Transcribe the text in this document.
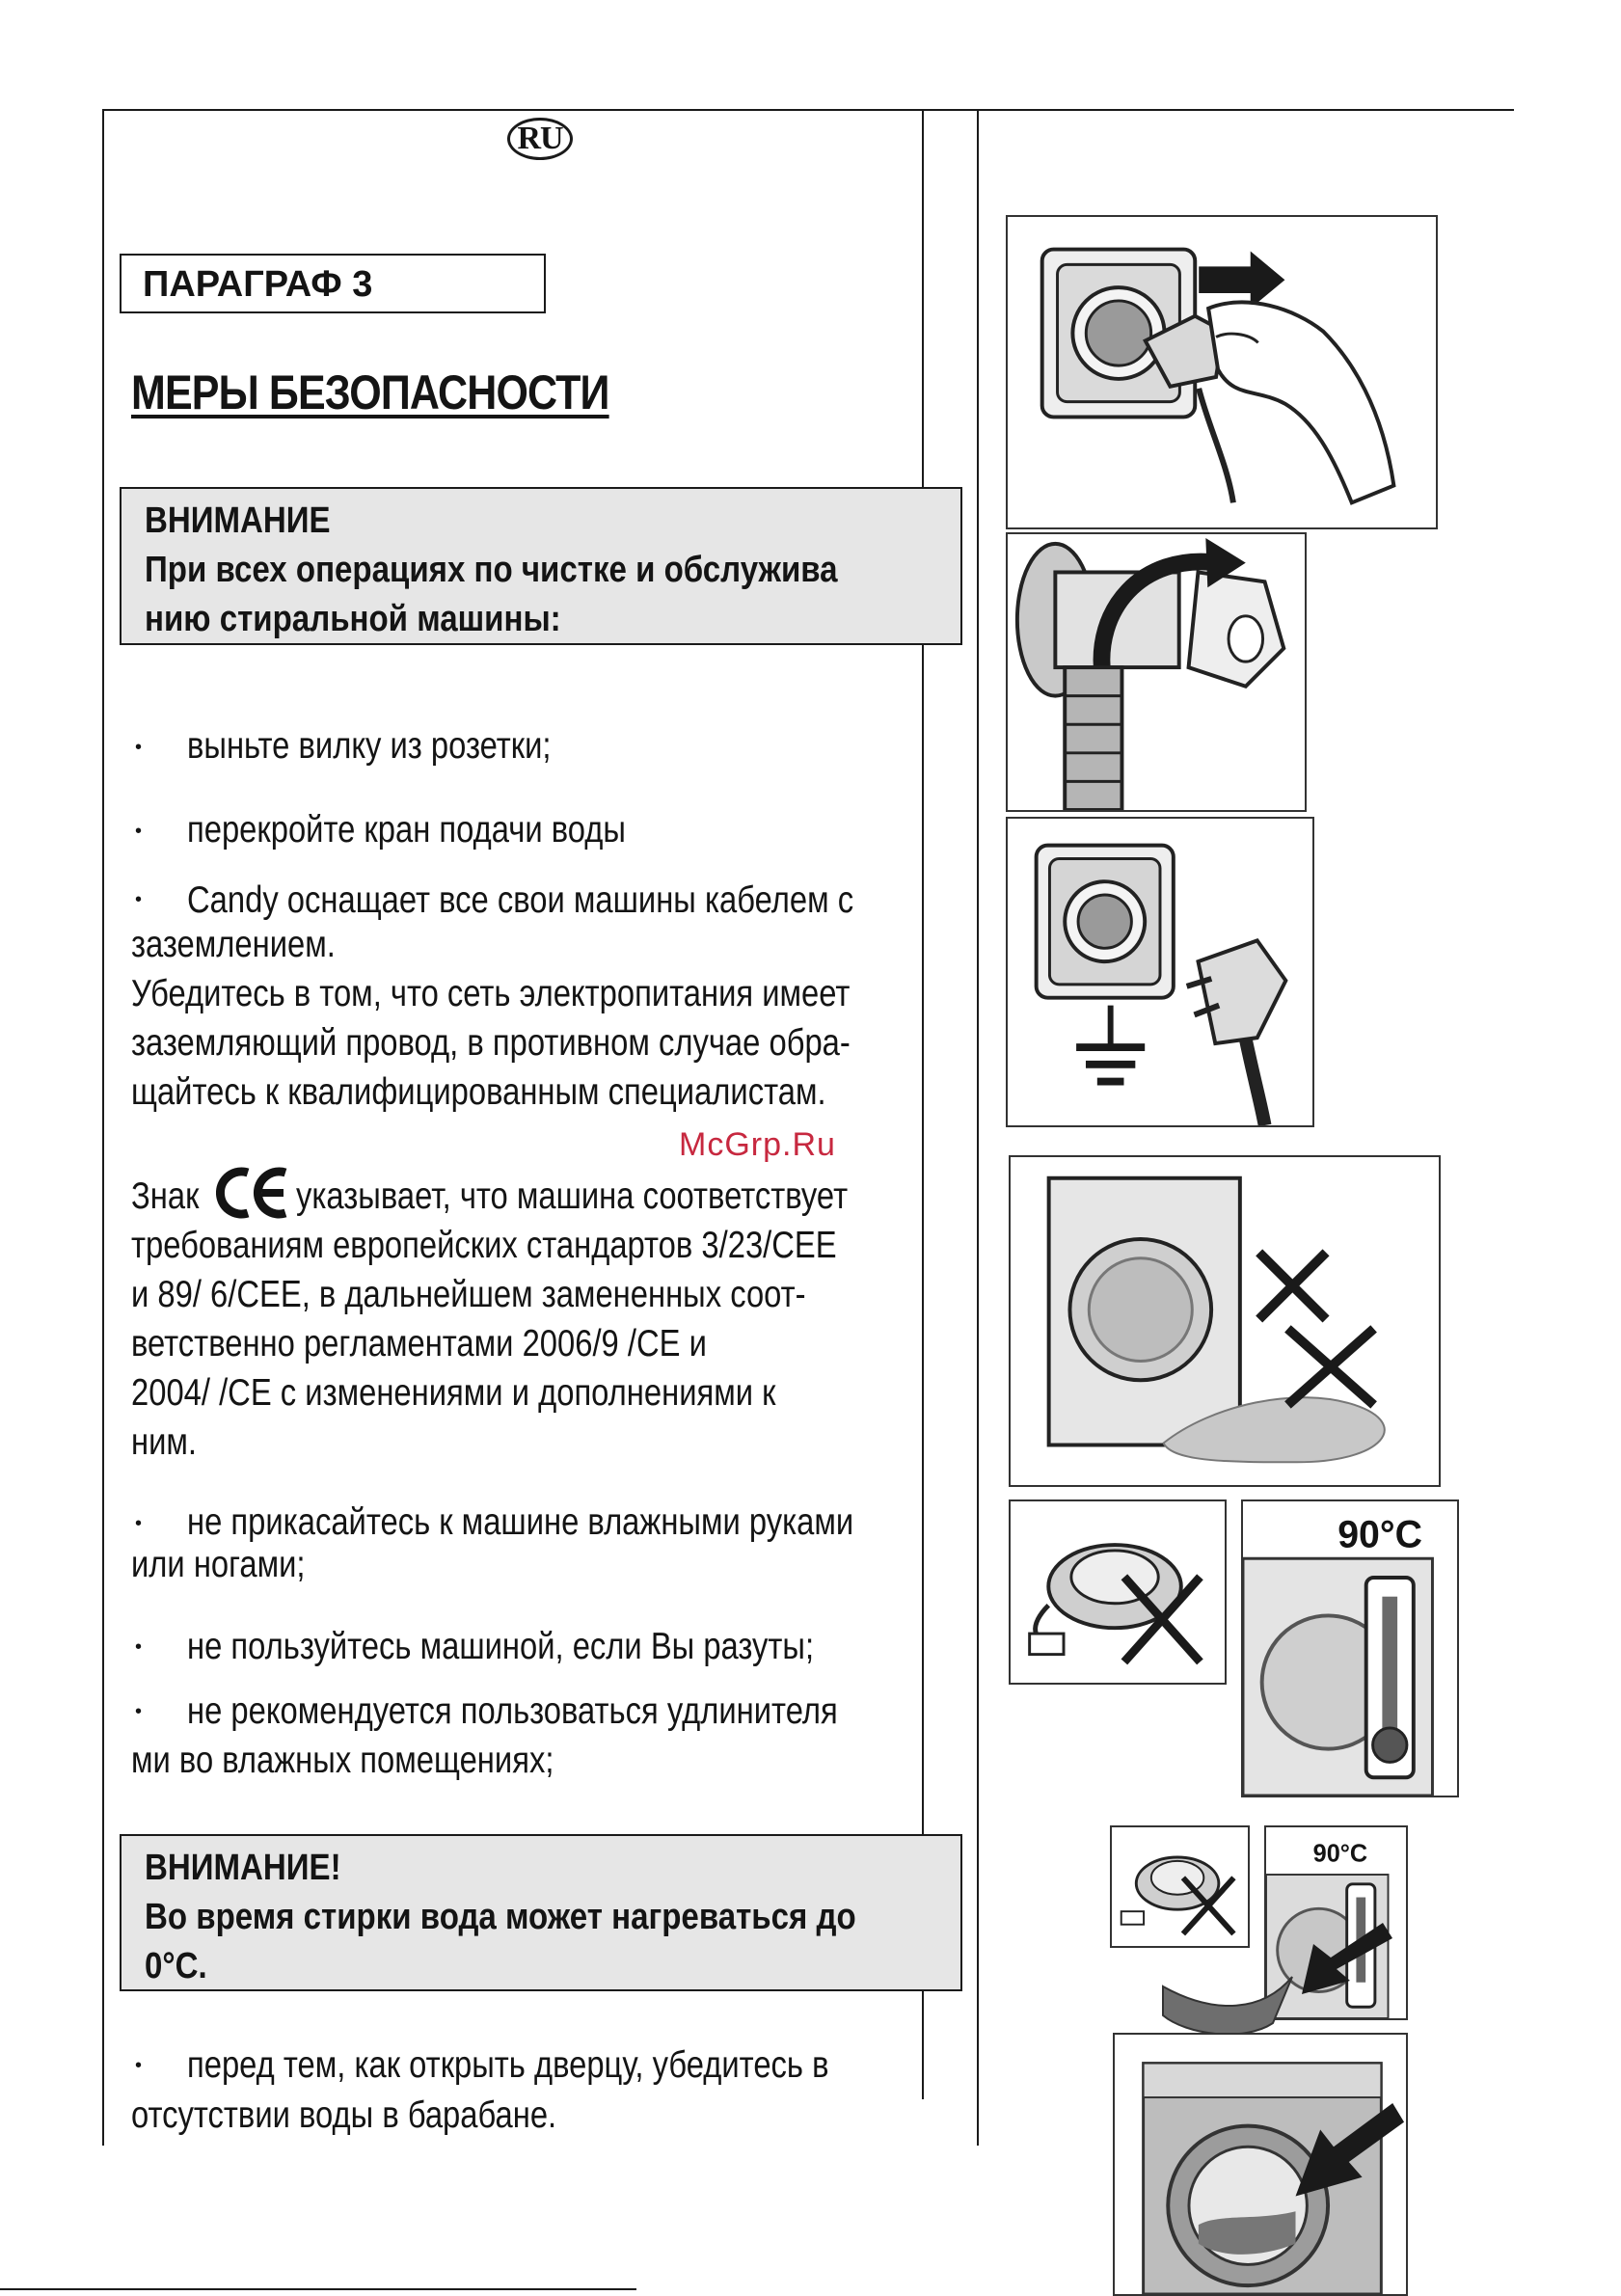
RU
ПАРАГРАФ 3
МЕРЫ БЕЗОПАСНОСТИ
ВНИМАНИЕ
При всех операциях по чистке и обслужива
нию стиральной машины:
• выньте вилку из розетки;
• перекройте кран подачи воды
• Candy оснащает все свои машины кабелем с
заземлением.
Убедитесь в том, что сеть электропитания имеет
заземляющий провод, в противном случае обра-
щайтесь к квалифицированным специалистам.
McGrp.Ru
Знак	указывает, что машина соответствует
требованиям европейских стандартов 3/23/CEE
и 89/ 6/CEE, в дальнейшем замененных соот-
ветственно регламентами 2006/9 /CE и
2004/ /CE с изменениями и дополнениями к
ним.
• не прикасайтесь к машине влажными руками
или ногами;
• не пользуйтесь машиной, если Вы разуты;
• не рекомендуется пользоваться удлинителя
ми во влажных помещениях;
ВНИМАНИЕ!
Во время стирки вода может нагреваться до
0°C.
• перед тем, как открыть дверцу, убедитесь в
отсутствии воды в барабане.
90°C
90°C
